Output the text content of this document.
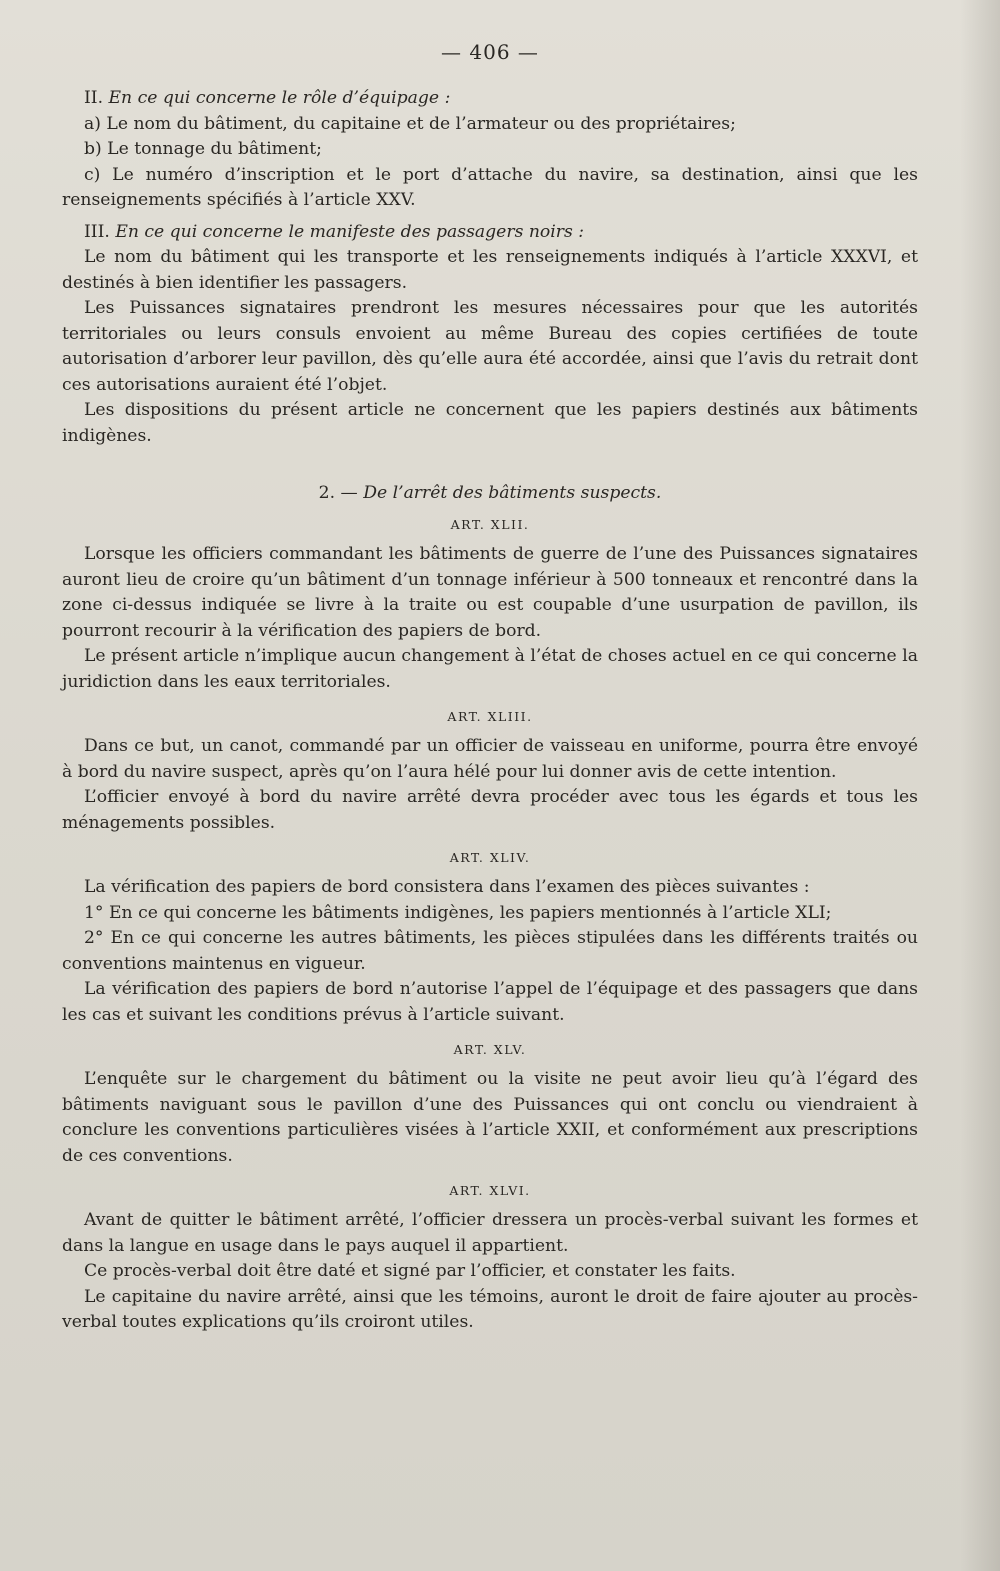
— 406 —

II. En ce qui concerne le rôle d’équipage :

a) Le nom du bâtiment, du capitaine et de l’armateur ou des propriétaires;

b) Le tonnage du bâtiment;

c) Le numéro d’inscription et le port d’attache du navire, sa destination, ainsi que les renseignements spécifiés à l’article XXV.

III. En ce qui concerne le manifeste des passagers noirs :

Le nom du bâtiment qui les transporte et les renseignements indiqués à l’article XXXVI, et destinés à bien identifier les passagers.

Les Puissances signataires prendront les mesures nécessaires pour que les autorités territoriales ou leurs consuls envoient au même Bureau des copies certifiées de toute autorisation d’arborer leur pavillon, dès qu’elle aura été accordée, ainsi que l’avis du retrait dont ces autorisations auraient été l’objet.

Les dispositions du présent article ne concernent que les papiers destinés aux bâtiments indigènes.

2. — De l’arrêt des bâtiments suspects.
ART. XLII.

Lorsque les officiers commandant les bâtiments de guerre de l’une des Puissances signataires auront lieu de croire qu’un bâtiment d’un tonnage inférieur à 500 tonneaux et rencontré dans la zone ci-dessus indiquée se livre à la traite ou est coupable d’une usurpation de pavillon, ils pourront recourir à la vérification des papiers de bord.

Le présent article n’implique aucun changement à l’état de choses actuel en ce qui concerne la juridiction dans les eaux territoriales.

ART. XLIII.

Dans ce but, un canot, commandé par un officier de vaisseau en uniforme, pourra être envoyé à bord du navire suspect, après qu’on l’aura hélé pour lui donner avis de cette intention.

L’officier envoyé à bord du navire arrêté devra procéder avec tous les égards et tous les ménagements possibles.

ART. XLIV.

La vérification des papiers de bord consistera dans l’examen des pièces suivantes :

1° En ce qui concerne les bâtiments indigènes, les papiers mentionnés à l’article XLI;

2° En ce qui concerne les autres bâtiments, les pièces stipulées dans les différents traités ou conventions maintenus en vigueur.

La vérification des papiers de bord n’autorise l’appel de l’équipage et des passagers que dans les cas et suivant les conditions prévus à l’article suivant.

ART. XLV.

L’enquête sur le chargement du bâtiment ou la visite ne peut avoir lieu qu’à l’égard des bâtiments naviguant sous le pavillon d’une des Puissances qui ont conclu ou viendraient à conclure les conventions particulières visées à l’article XXII, et conformément aux prescriptions de ces conventions.

ART. XLVI.

Avant de quitter le bâtiment arrêté, l’officier dressera un procès-verbal suivant les formes et dans la langue en usage dans le pays auquel il appartient.

Ce procès-verbal doit être daté et signé par l’officier, et constater les faits.

Le capitaine du navire arrêté, ainsi que les témoins, auront le droit de faire ajouter au procès-verbal toutes explications qu’ils croiront utiles.
